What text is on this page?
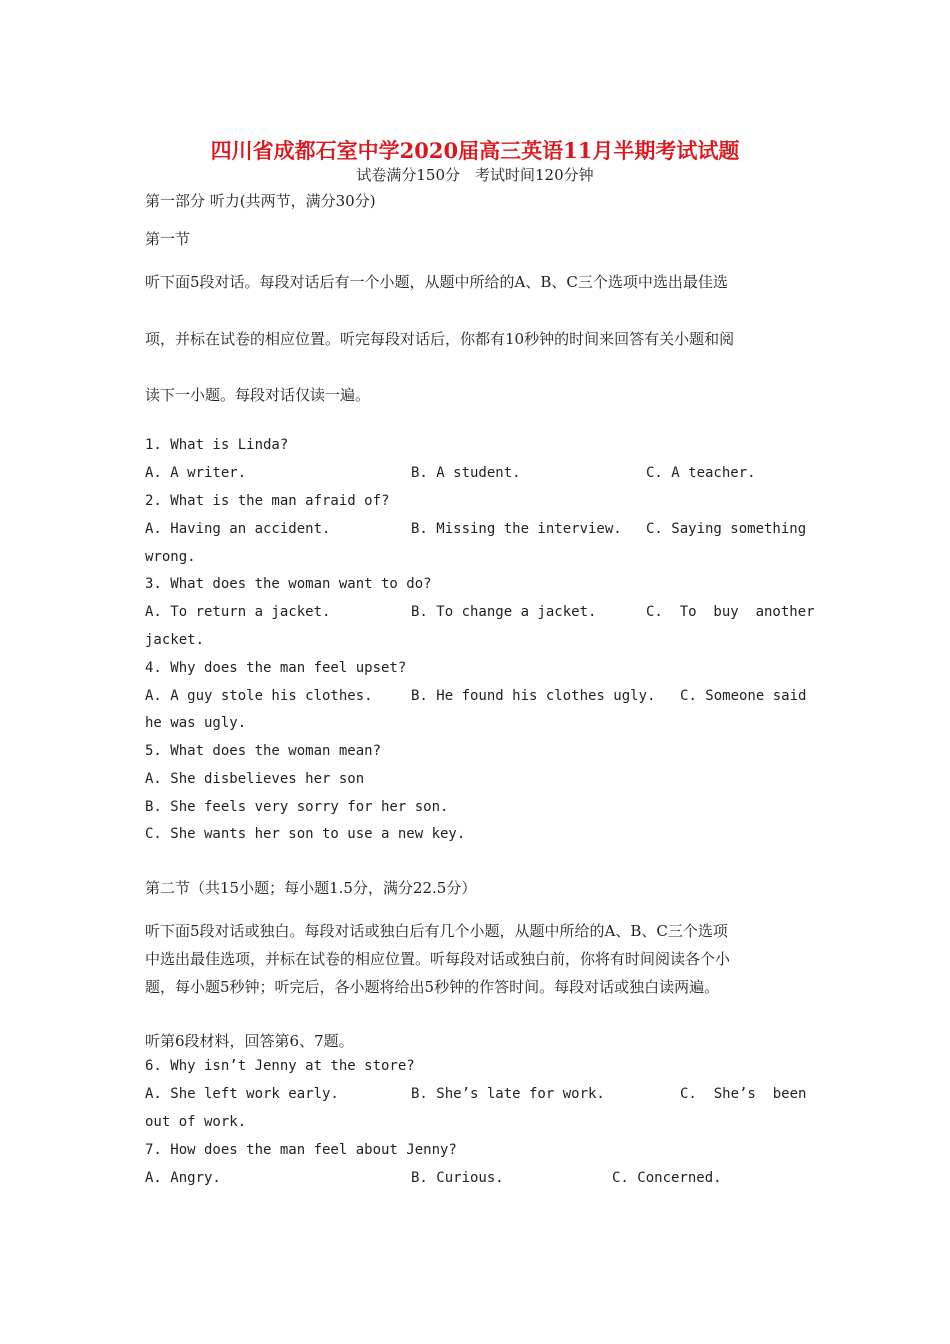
四川省成都石室中学2020届高三英语11月半期考试试题
试卷满分150分　考试时间120分钟
第一部分 听力(共两节，满分30分)
第一节
听下面5段对话。每段对话后有一个小题，从题中所给的A、B、C三个选项中选出最佳选
项，并标在试卷的相应位置。听完每段对话后，你都有10秒钟的时间来回答有关小题和阅
读下一小题。每段对话仅读一遍。
1. What is Linda?
A. A writer.	B. A student.	C. A teacher.
2. What is the man afraid of?
A. Having an accident.	B. Missing the interview. C. Saying something
wrong.
3. What does the woman want to do?
A. To return a jacket.	B. To change a jacket.	C.  To  buy  another
jacket.
4. Why does the man feel upset?
A. A guy stole his clothes.	B. He found his clothes ugly. C. Someone said
he was ugly.
5. What does the woman mean?
A. She disbelieves her son
B. She feels very sorry for her son.
C. She wants her son to use a new key.
第二节（共15小题；每小题1.5分，满分22.5分）
听下面5段对话或独白。每段对话或独白后有几个小题，从题中所给的A、B、C三个选项
中选出最佳选项，并标在试卷的相应位置。听每段对话或独白前，你将有时间阅读各个小
题，每小题5秒钟；听完后，各小题将给出5秒钟的作答时间。每段对话或独白读两遍。
听第6段材料，回答第6、7题。
6. Why isn’t Jenny at the store?
A. She left work early.	B. She’s late for work.	C.  She’s  been
out of work.
7. How does the man feel about Jenny?
A. Angry.	B. Curious.	C. Concerned.
